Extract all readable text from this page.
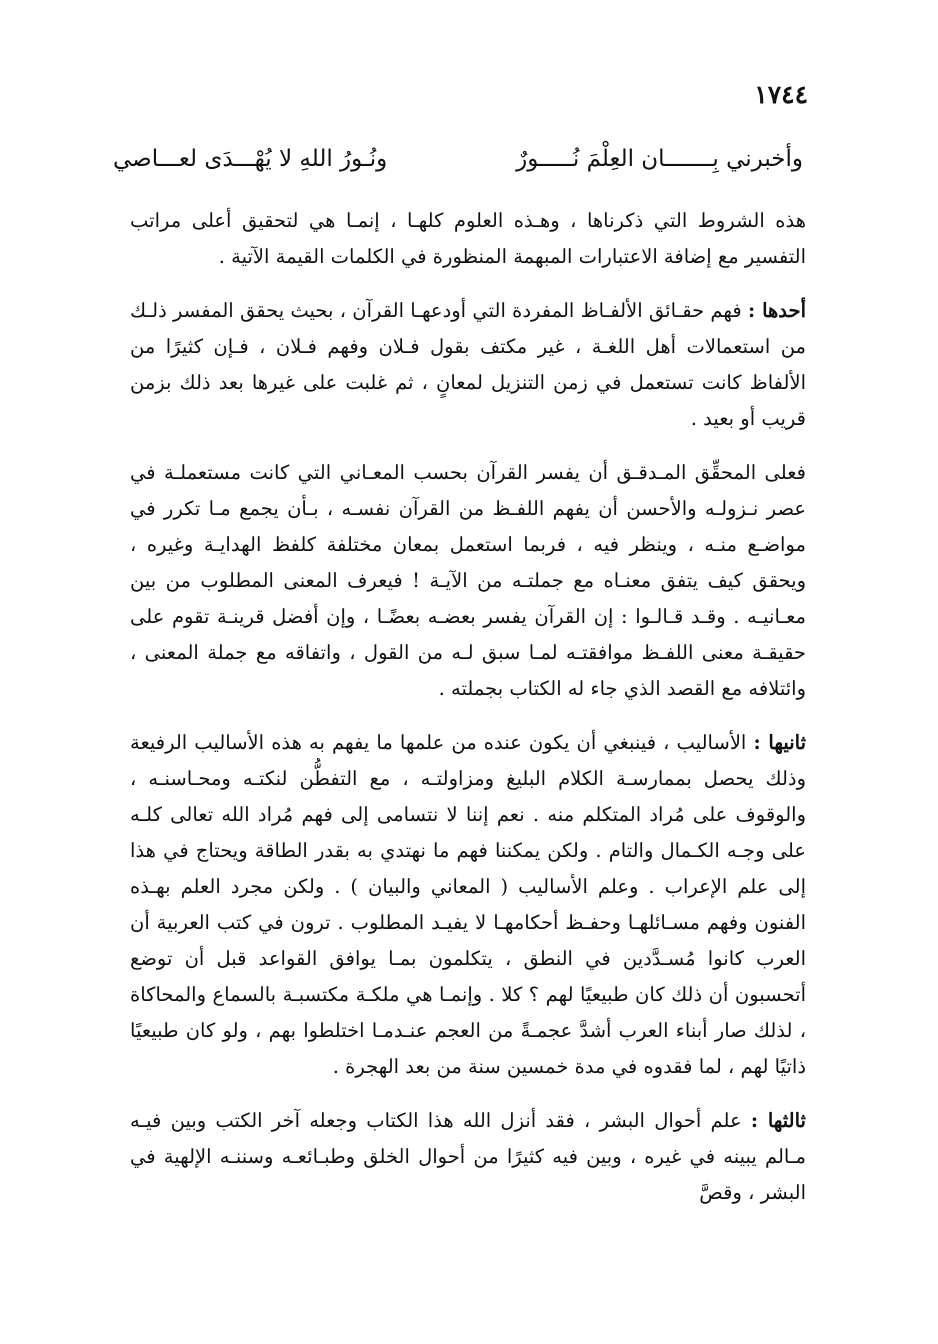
١٧٤٤
وأخبرني بِـــــــان العِلْمَ نُـــــورٌ
ونُـورُ اللهِ لا يُهْـــدَى لعـــاصي

هذه الشروط التي ذكرناها ، وهـذه العلوم كلهـا ، إنمـا هي لتحقيق أعلى مراتب التفسير مع إضافة الاعتبارات المبهمة المنظورة في الكلمات القيمة الآتية .

أحدها : فهم حقـائق الألفـاظ المفردة التي أودعهـا القرآن ، بحيث يحقق المفسر ذلـك من استعمالات أهل اللغـة ، غير مكتف بقول فـلان وفهم فـلان ، فـإن كثيرًا من الألفاظ كانت تستعمل في زمن التنزيل لمعانٍ ، ثم غلبت على غيرها بعد ذلك بزمن قريب أو بعيد .

فعلى المحقِّق المـدقـق أن يفسر القرآن بحسب المعـاني التي كانت مستعملـة في عصر نـزولـه والأحسن أن يفهم اللفـظ من القرآن نفسـه ، بـأن يجمع مـا تكرر في مواضـع منـه ، وينظر فيه ، فربما استعمل بمعان مختلفة كلفظ الهدايـة وغيره ، ويحقق كيف يتفق معنـاه مع جملتـه من الآيـة ! فيعرف المعنى المطلوب من بين معـانيـه . وقـد قـالـوا : إن القرآن يفسر بعضـه بعضًـا ، وإن أفضل قرينـة تقوم على حقيقـة معنى اللفـظ موافقتـه لمـا سبق لـه من القول ، واتفاقه مع جملة المعنى ، وائتلافه مع القصد الذي جاء له الكتاب بجملته .

ثانيها : الأساليب ، فينبغي أن يكون عنده من علمها ما يفهم به هذه الأساليب الرفيعة وذلك يحصل بممارسـة الكلام البليغ ومزاولتـه ، مع التفطُّن لنكتـه ومحـاسنـه ، والوقوف على مُراد المتكلم منه . نعم إننا لا نتسامى إلى فهم مُراد الله تعالى كلـه على وجـه الكـمال والتام . ولكن يمكننا فهم ما نهتدي به بقدر الطاقة ويحتاج في هذا إلى علم الإعراب . وعلم الأساليب ( المعاني والبيان ) . ولكن مجرد العلم بهـذه الفنون وفهم مسـائلهـا وحفـظ أحكامهـا لا يفيـد المطلوب . ترون في كتب العربية أن العرب كانوا مُسـدَّدين في النطق ، يتكلمون بمـا يوافق القواعد قبل أن توضع أتحسبون أن ذلك كان طبيعيًا لهم ؟ كلا . وإنمـا هي ملكـة مكتسبـة بالسماع والمحاكاة ، لذلك صار أبناء العرب أشدَّ عجمـةً من العجم عنـدمـا اختلطوا بهم ، ولو كان طبيعيًا ذاتيًا لهم ، لما فقدوه في مدة خمسين سنة من بعد الهجرة .

ثالثها : علم أحوال البشر ، فقد أنزل الله هذا الكتاب وجعله آخر الكتب وبين فيـه مـالم يبينه في غيره ، وبين فيه كثيرًا من أحوال الخلق وطبـائعـه وسننـه الإلهية في البشر ، وقصَّ
